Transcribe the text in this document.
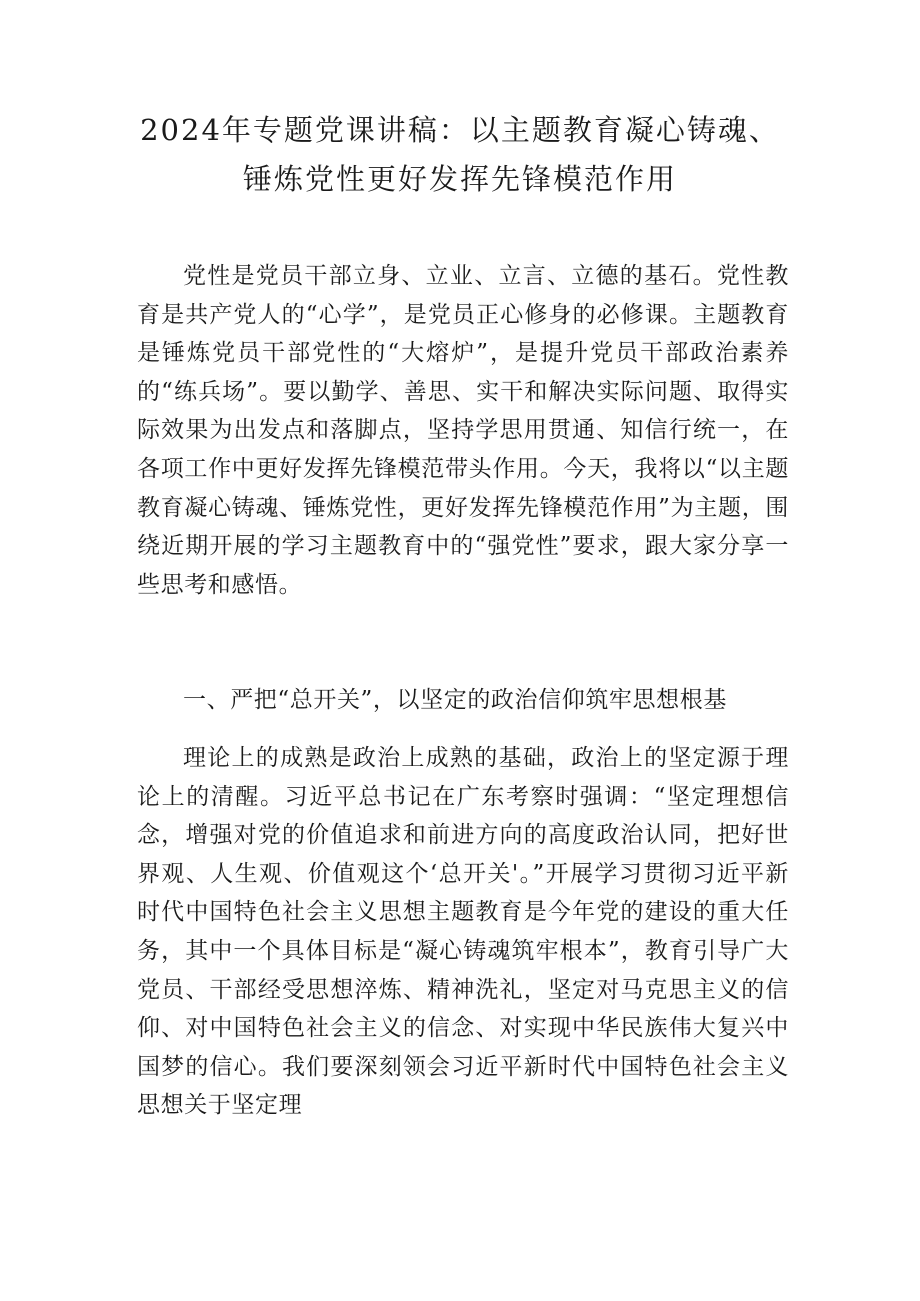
2024年专题党课讲稿：以主题教育凝心铸魂、
锤炼党性更好发挥先锋模范作用

党性是党员干部立身、立业、立言、立德的基石。党性教育是共产党人的“心学”，是党员正心修身的必修课。主题教育是锤炼党员干部党性的“大熔炉”，是提升党员干部政治素养的“练兵场”。要以勤学、善思、实干和解决实际问题、取得实际效果为出发点和落脚点，坚持学思用贯通、知信行统一，在各项工作中更好发挥先锋模范带头作用。今天，我将以“以主题教育凝心铸魂、锤炼党性，更好发挥先锋模范作用”为主题，围绕近期开展的学习主题教育中的“强党性”要求，跟大家分享一些思考和感悟。

一、严把“总开关”，以坚定的政治信仰筑牢思想根基

理论上的成熟是政治上成熟的基础，政治上的坚定源于理论上的清醒。习近平总书记在广东考察时强调：“坚定理想信念，增强对党的价值追求和前进方向的高度政治认同，把好世界观、人生观、价值观这个‘总开关'。”开展学习贯彻习近平新时代中国特色社会主义思想主题教育是今年党的建设的重大任务，其中一个具体目标是“凝心铸魂筑牢根本”，教育引导广大党员、干部经受思想淬炼、精神洗礼，坚定对马克思主义的信仰、对中国特色社会主义的信念、对实现中华民族伟大复兴中国梦的信心。我们要深刻领会习近平新时代中国特色社会主义思想关于坚定理
